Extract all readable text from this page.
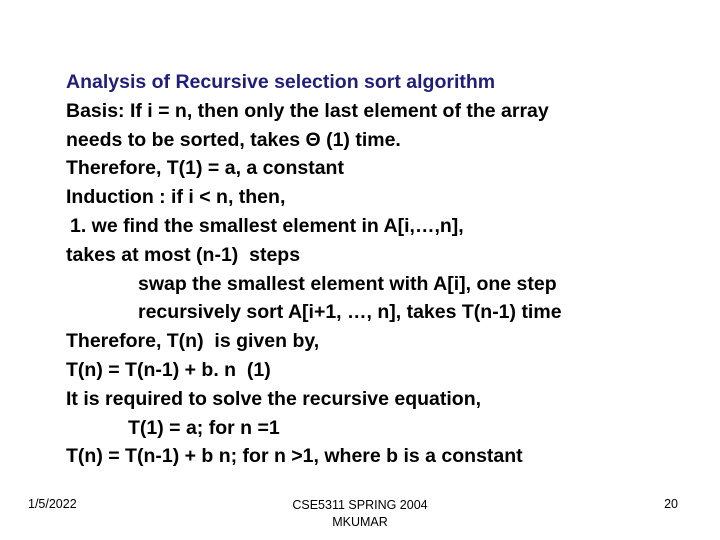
Analysis of Recursive selection sort algorithm
Basis: If i = n, then only the last element of the array
needs to be sorted, takes Θ (1) time.
Therefore, T(1) = a, a constant
Induction : if i < n, then,
1. we find the smallest element in A[i,…,n],
takes at most (n-1)  steps
swap the smallest element with A[i], one step
recursively sort A[i+1, …, n], takes T(n-1) time
Therefore, T(n)  is given by,
T(n) = T(n-1) + b. n  (1)
It is required to solve the recursive equation,
T(1) = a; for n =1
T(n) = T(n-1) + b n; for n >1, where b is a constant
1/5/2022	CSE5311 SPRING 2004
MKUMAR
20
